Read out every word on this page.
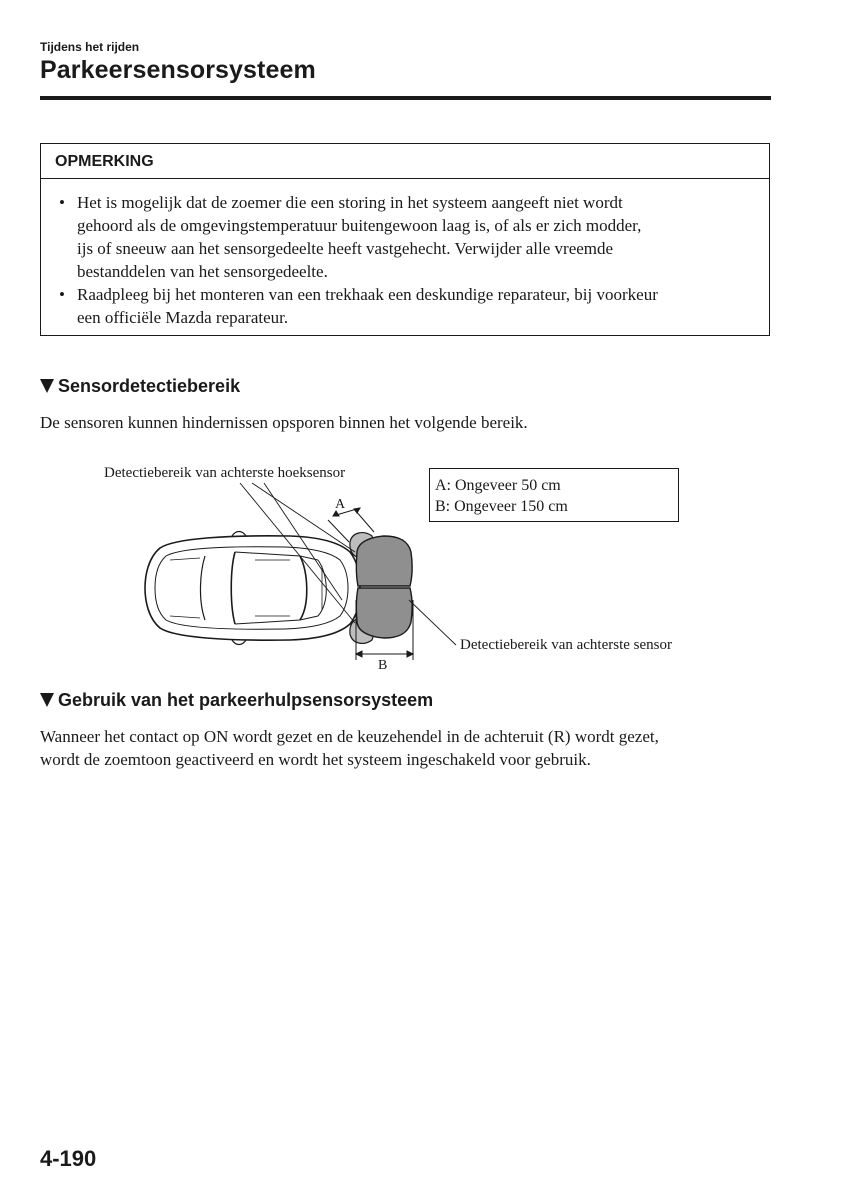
Tijdens het rijden
Parkeersensorsysteem
OPMERKING
• Het is mogelijk dat de zoemer die een storing in het systeem aangeeft niet wordt
gehoord als de omgevingstemperatuur buitengewoon laag is, of als er zich modder,
ijs of sneeuw aan het sensorgedeelte heeft vastgehecht. Verwijder alle vreemde
bestanddelen van het sensorgedeelte.
• Raadpleeg bij het monteren van een trekhaak een deskundige reparateur, bij voorkeur
een officiële Mazda reparateur.
Sensordetectiebereik
De sensoren kunnen hindernissen opsporen binnen het volgende bereik.
Detectiebereik van achterste hoeksensor
Detectiebereik van achterste sensor
A: Ongeveer 50 cm
B: Ongeveer 150 cm
A
B
Gebruik van het parkeerhulpsensorsysteem
Wanneer het contact op ON wordt gezet en de keuzehendel in de achteruit (R) wordt gezet,
wordt de zoemtoon geactiveerd en wordt het systeem ingeschakeld voor gebruik.
4-190
